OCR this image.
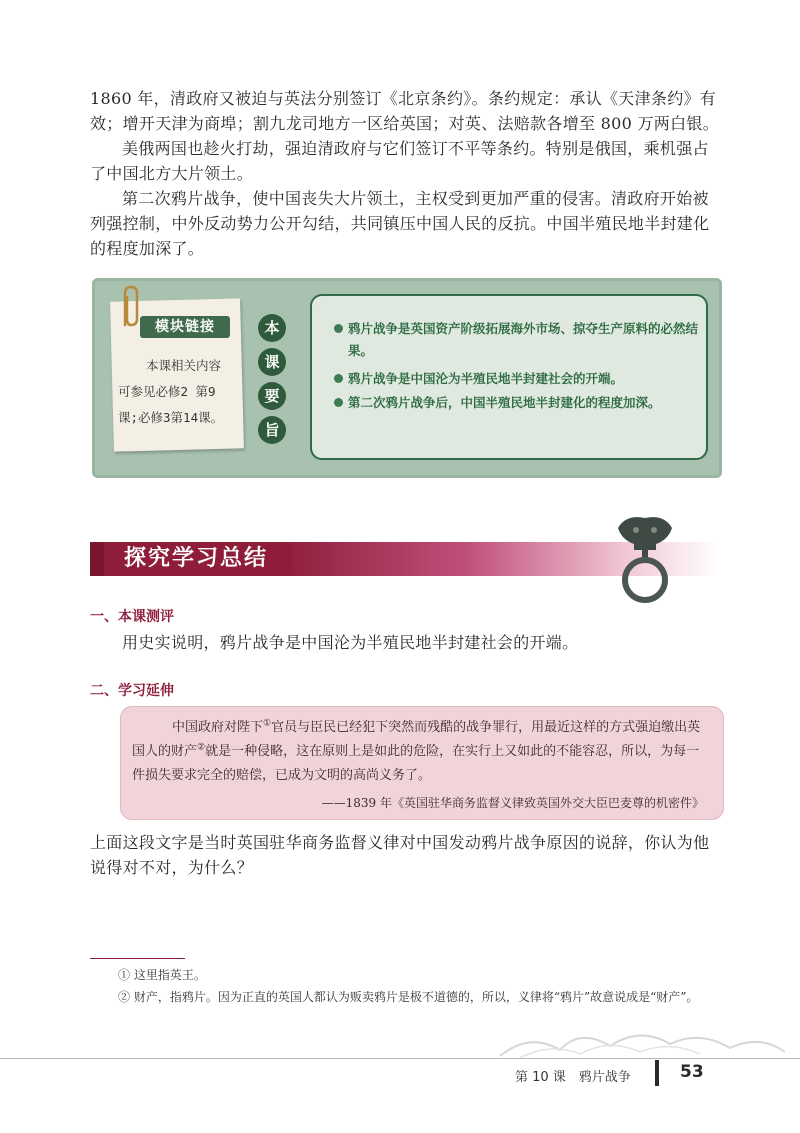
1860 年，清政府又被迫与英法分别签订《北京条约》。条约规定：承认《天津条约》有效；增开天津为商埠；割九龙司地方一区给英国；对英、法赔款各增至 800 万两白银。

美俄两国也趁火打劫，强迫清政府与它们签订不平等条约。特别是俄国，乘机强占了中国北方大片领土。

第二次鸦片战争，使中国丧失大片领土，主权受到更加严重的侵害。清政府开始被列强控制，中外反动势力公开勾结，共同镇压中国人民的反抗。中国半殖民地半封建化的程度加深了。

模块链接
本课相关内容
可参见必修2 第9
课;必修3第14课。
本
课
要
旨
鸦片战争是英国资产阶级拓展海外市场、掠夺生产原料的必然结果。
鸦片战争是中国沦为半殖民地半封建社会的开端。
第二次鸦片战争后，中国半殖民地半封建化的程度加深。
探究学习总结
一、本课测评

用史实说明，鸦片战争是中国沦为半殖民地半封建社会的开端。

二、学习延伸

中国政府对陛下①官员与臣民已经犯下突然而残酷的战争罪行，用最近这样的方式强迫缴出英国人的财产②就是一种侵略，这在原则上是如此的危险，在实行上又如此的不能容忍，所以，为每一件损失要求完全的赔偿，已成为文明的高尚义务了。

——1839 年《英国驻华商务监督义律致英国外交大臣巴麦尊的机密件》

上面这段文字是当时英国驻华商务监督义律对中国发动鸦片战争原因的说辞，你认为他说得对不对，为什么？

① 这里指英王。

② 财产，指鸦片。因为正直的英国人都认为贩卖鸦片是极不道德的，所以，义律将“鸦片”故意说成是“财产”。

第 10 课　鸦片战争	53
